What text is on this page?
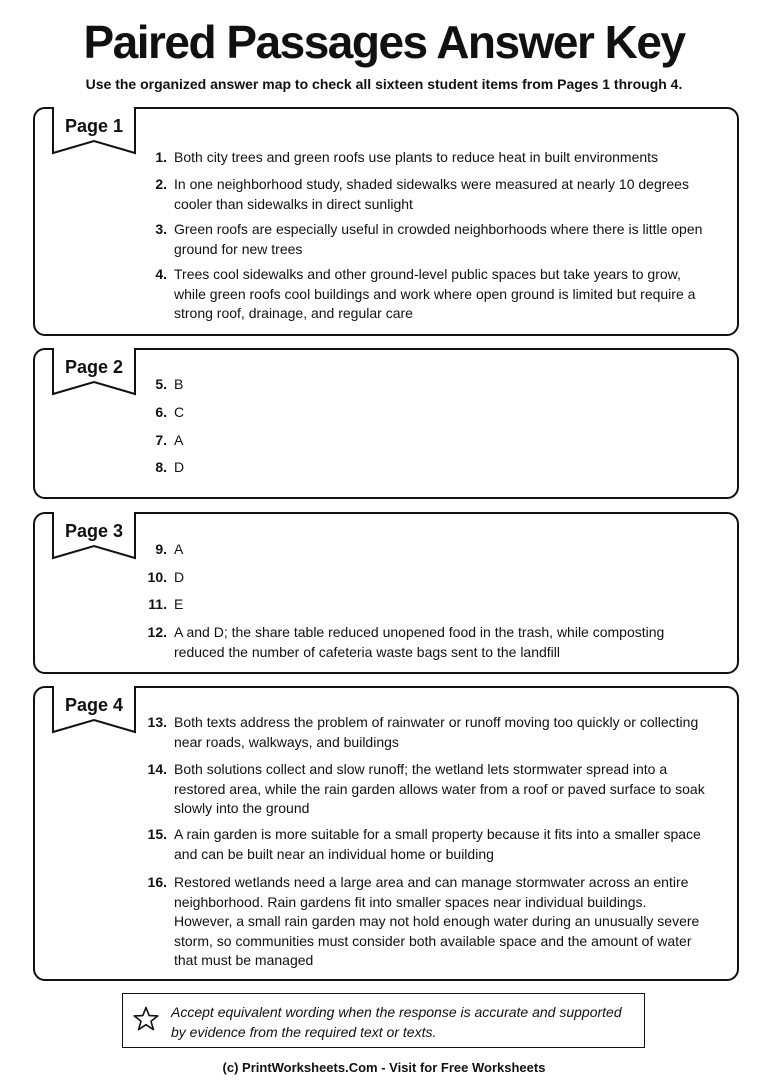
Paired Passages Answer Key
Use the organized answer map to check all sixteen student items from Pages 1 through 4.
Page 1
1. Both city trees and green roofs use plants to reduce heat in built environments
2. In one neighborhood study, shaded sidewalks were measured at nearly 10 degrees cooler than sidewalks in direct sunlight
3. Green roofs are especially useful in crowded neighborhoods where there is little open ground for new trees
4. Trees cool sidewalks and other ground-level public spaces but take years to grow, while green roofs cool buildings and work where open ground is limited but require a strong roof, drainage, and regular care
Page 2
5. B
6. C
7. A
8. D
Page 3
9. A
10. D
11. E
12. A and D; the share table reduced unopened food in the trash, while composting reduced the number of cafeteria waste bags sent to the landfill
Page 4
13. Both texts address the problem of rainwater or runoff moving too quickly or collecting near roads, walkways, and buildings
14. Both solutions collect and slow runoff; the wetland lets stormwater spread into a restored area, while the rain garden allows water from a roof or paved surface to soak slowly into the ground
15. A rain garden is more suitable for a small property because it fits into a smaller space and can be built near an individual home or building
16. Restored wetlands need a large area and can manage stormwater across an entire neighborhood. Rain gardens fit into smaller spaces near individual buildings. However, a small rain garden may not hold enough water during an unusually severe storm, so communities must consider both available space and the amount of water that must be managed
Accept equivalent wording when the response is accurate and supported by evidence from the required text or texts.
(c) PrintWorksheets.Com - Visit for Free Worksheets
